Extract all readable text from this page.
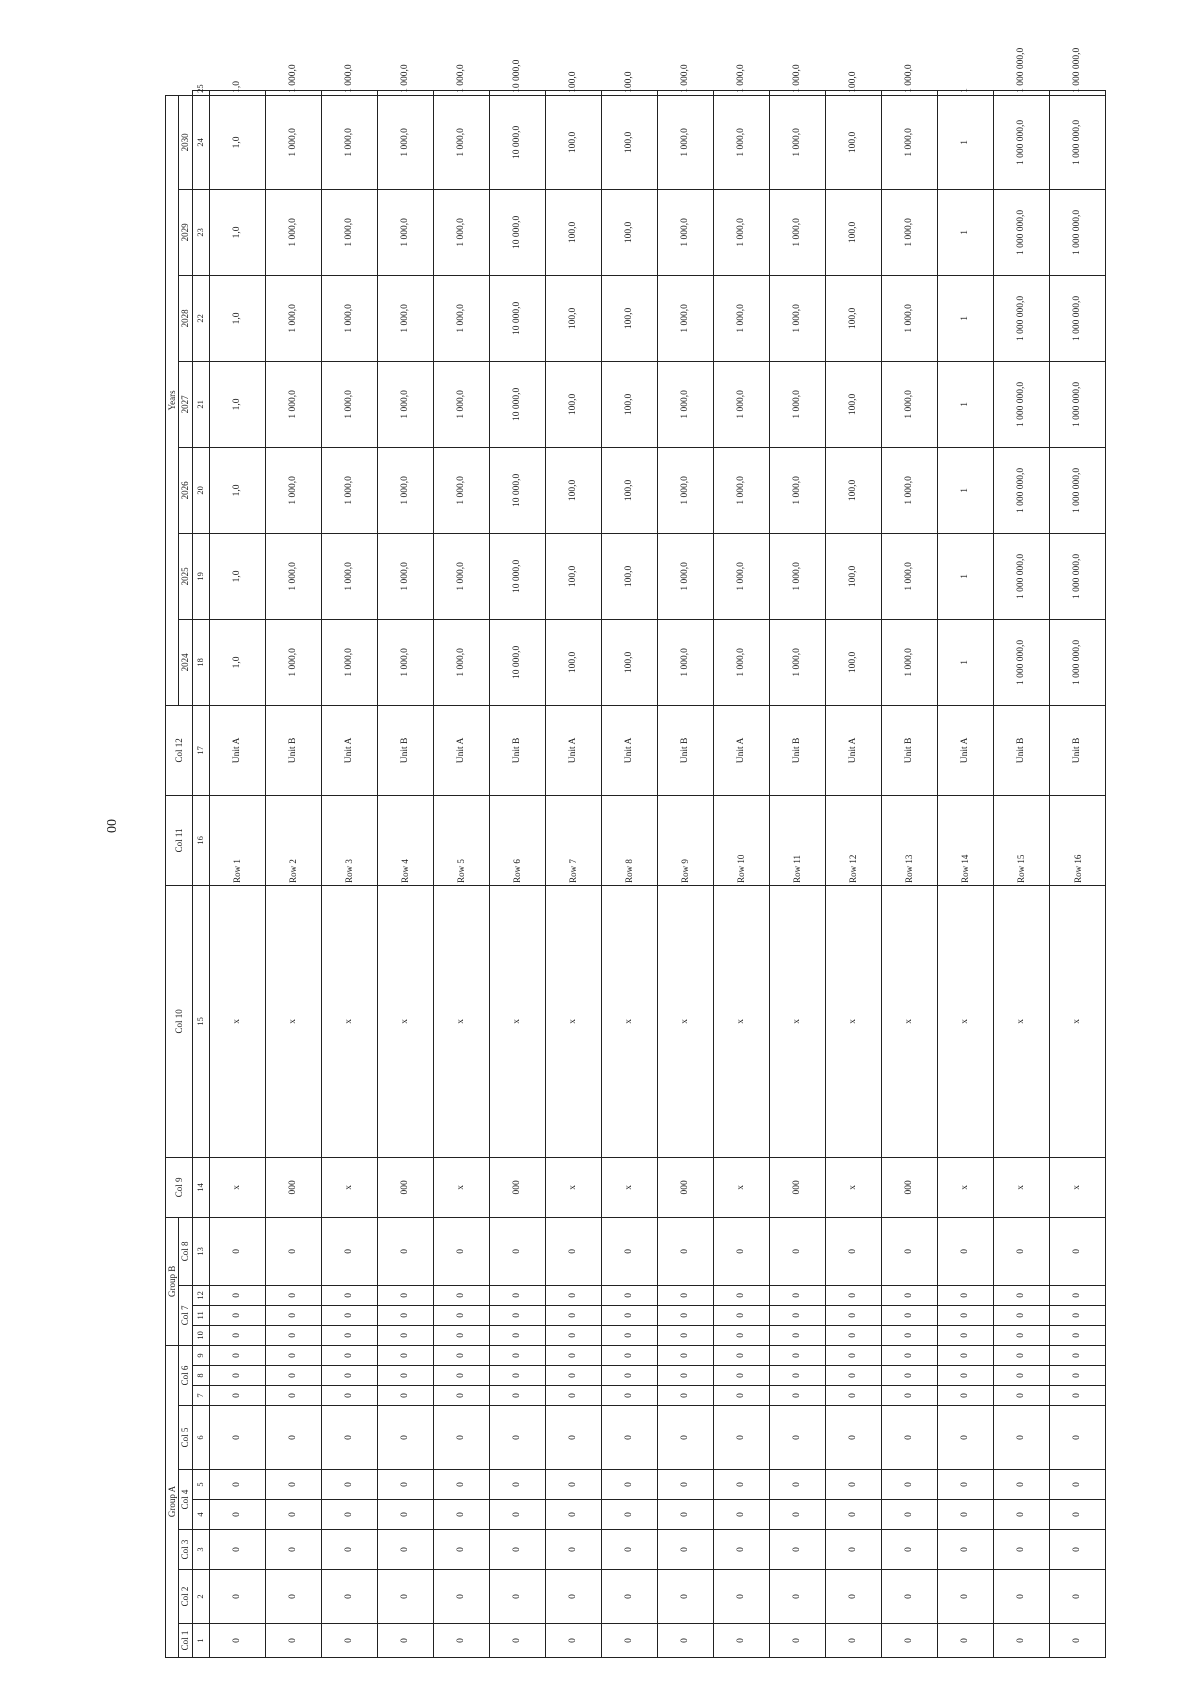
00
Group A									Group B				Col 9	Col 10	Col 11	Col 12	Years							
Col 1	Col 2	Col 3	Col 4		Col 5	Col 6			Col 7			Col 8					2024	2025	2026	2027	2028	2029	2030	

1	2	3	4	5	6	7	8	9	10	11	12	13	14	15	16	17	18	19	20	21	22	23	24	25
0	0	0	0	0	0	0	0	0	0	0	0	0	x	x	Row 1	Unit A	1,0	1,0	1,0	1,0	1,0	1,0	1,0	1,0
0	0	0	0	0	0	0	0	0	0	0	0	0	000	x	Row 2	Unit B	1 000,0	1 000,0	1 000,0	1 000,0	1 000,0	1 000,0	1 000,0	1 000,0
0	0	0	0	0	0	0	0	0	0	0	0	0	x	x	Row 3	Unit A	1 000,0	1 000,0	1 000,0	1 000,0	1 000,0	1 000,0	1 000,0	1 000,0
0	0	0	0	0	0	0	0	0	0	0	0	0	000	x	Row 4	Unit B	1 000,0	1 000,0	1 000,0	1 000,0	1 000,0	1 000,0	1 000,0	1 000,0
0	0	0	0	0	0	0	0	0	0	0	0	0	x	x	Row 5	Unit A	1 000,0	1 000,0	1 000,0	1 000,0	1 000,0	1 000,0	1 000,0	1 000,0
0	0	0	0	0	0	0	0	0	0	0	0	0	000	x	Row 6	Unit B	10 000,0	10 000,0	10 000,0	10 000,0	10 000,0	10 000,0	10 000,0	10 000,0
0	0	0	0	0	0	0	0	0	0	0	0	0	x	x	Row 7	Unit A	100,0	100,0	100,0	100,0	100,0	100,0	100,0	100,0
0	0	0	0	0	0	0	0	0	0	0	0	0	x	x	Row 8	Unit A	100,0	100,0	100,0	100,0	100,0	100,0	100,0	100,0
0	0	0	0	0	0	0	0	0	0	0	0	0	000	x	Row 9	Unit B	1 000,0	1 000,0	1 000,0	1 000,0	1 000,0	1 000,0	1 000,0	1 000,0
0	0	0	0	0	0	0	0	0	0	0	0	0	x	x	Row 10	Unit A	1 000,0	1 000,0	1 000,0	1 000,0	1 000,0	1 000,0	1 000,0	1 000,0
0	0	0	0	0	0	0	0	0	0	0	0	0	000	x	Row 11	Unit B	1 000,0	1 000,0	1 000,0	1 000,0	1 000,0	1 000,0	1 000,0	1 000,0
0	0	0	0	0	0	0	0	0	0	0	0	0	x	x	Row 12	Unit A	100,0	100,0	100,0	100,0	100,0	100,0	100,0	100,0
0	0	0	0	0	0	0	0	0	0	0	0	0	000	x	Row 13	Unit B	1 000,0	1 000,0	1 000,0	1 000,0	1 000,0	1 000,0	1 000,0	1 000,0
0	0	0	0	0	0	0	0	0	0	0	0	0	x	x	Row 14	Unit A	1	1	1	1	1	1	1	1
0	0	0	0	0	0	0	0	0	0	0	0	0	x	x	Row 15	Unit B	1 000 000,0	1 000 000,0	1 000 000,0	1 000 000,0	1 000 000,0	1 000 000,0	1 000 000,0	1 000 000,0
0	0	0	0	0	0	0	0	0	0	0	0	0	x	x	Row 16	Unit B	1 000 000,0	1 000 000,0	1 000 000,0	1 000 000,0	1 000 000,0	1 000 000,0	1 000 000,0	1 000 000,0
